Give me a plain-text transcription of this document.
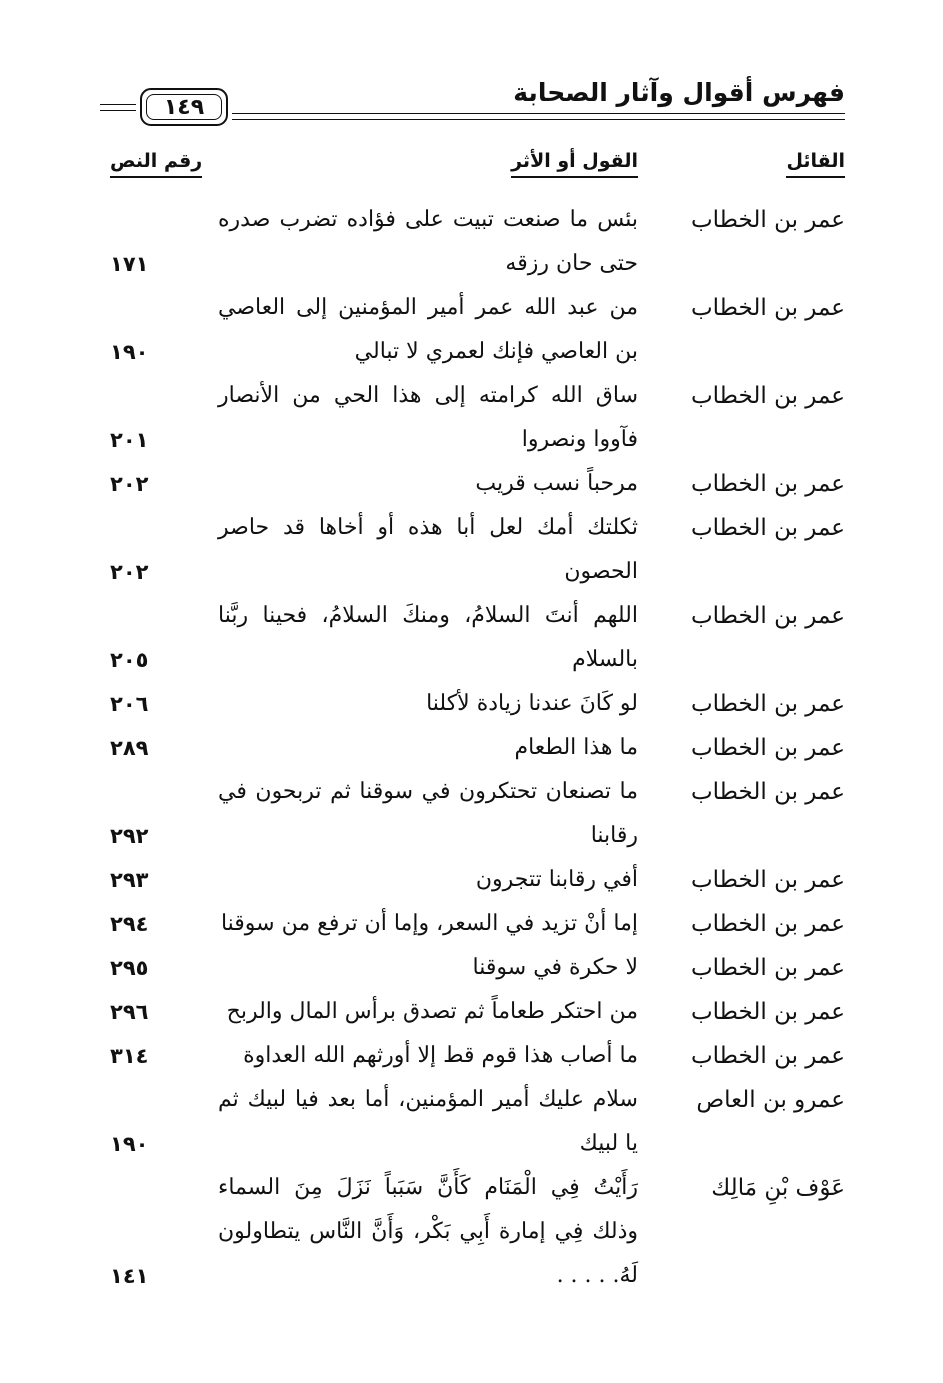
فهرس أقوال وآثار الصحابة
١٤٩
القائل
القول أو الأثر
رقم النص
عمر بن الخطاب
بئس ما صنعت تبيت على فؤاده تضرب صدره حتى حان رزقه
١٧١
عمر بن الخطاب
من عبد الله عمر أمير المؤمنين إلى العاصي بن العاصي فإنك لعمري لا تبالي
١٩٠
عمر بن الخطاب
ساق الله كرامته إلى هذا الحي من الأنصار فآووا ونصروا
٢٠١
عمر بن الخطاب
مرحباً نسب قريب
٢٠٢
عمر بن الخطاب
ثكلتك أمك لعل أبا هذه أو أخاها قد حاصر الحصون
٢٠٢
عمر بن الخطاب
اللهم أنتَ السلامُ، ومنكَ السلامُ، فحينا ربَّنا بالسلام
٢٠٥
عمر بن الخطاب
لو كَانَ عندنا زيادة لأكلنا
٢٠٦
عمر بن الخطاب
ما هذا الطعام
٢٨٩
عمر بن الخطاب
ما تصنعان تحتكرون في سوقنا ثم تربحون في رقابنا
٢٩٢
عمر بن الخطاب
أفي رقابنا تتجرون
٢٩٣
عمر بن الخطاب
إما أنْ تزيد في السعر، وإما أن ترفع من سوقنا
٢٩٤
عمر بن الخطاب
لا حكرة في سوقنا
٢٩٥
عمر بن الخطاب
من احتكر طعاماً ثم تصدق برأس المال والربح
٢٩٦
عمر بن الخطاب
ما أصاب هذا قوم قط إلا أورثهم الله العداوة
٣١٤
عمرو بن العاص
سلام عليك أمير المؤمنين، أما بعد فيا لبيك ثم يا لبيك
١٩٠
عَوْف بْنِ مَالِك
رَأَيْتُ فِي الْمَنَام كَأَنَّ سَبَباً نَزَلَ مِنَ السماء وذلك فِي إمارة أَبِي بَكْر، وَأَنَّ النَّاس يتطاولون لَهُ. . . . .
١٤١
